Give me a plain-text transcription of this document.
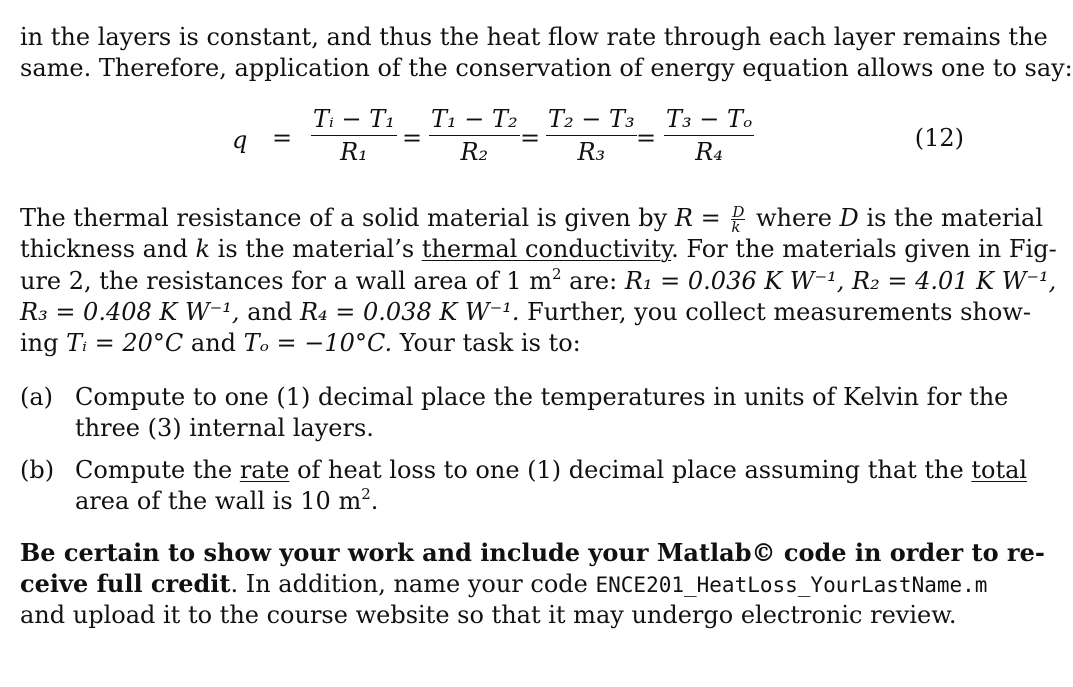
in the layers is constant, and thus the heat flow rate through each layer remains the
same. Therefore, application of the conservation of energy equation allows one to say:
$q = \frac{\text{Tᵢ − T₁}}{\text{R₁}} = \frac{\text{T₁ − T₂}}{\text{R₂}} = \frac{\text{T₂ − T₃}}{\text{R₃}} = \frac{\text{T₃ − Tₒ}}{\text{R₄}}$	(12)
The thermal resistance of a solid material is given by $R = \frac{D}{k}$ where D is the material
thickness and k is the material’s thermal conductivity. For the materials given in Fig-
ure 2, the resistances for a wall area of 1 $m^2$ are: R₁ = 0.036 K W⁻¹, R₂ = 4.01 K W⁻¹,
R₃ = 0.408 K W⁻¹, and R₄ = 0.038 K W⁻¹. Further, you collect measurements show-
ing Tᵢ = 20°C and Tₒ = −10°C. Your task is to:
(a) Compute to one (1) decimal place the temperatures in units of Kelvin for the
three (3) internal layers.
(b) Compute the rate of heat loss to one (1) decimal place assuming that the total
area of the wall is 10 $m^2$.
Be certain to show your work and include your Matlab© code in order to re-
ceive full credit. In addition, name your code ENCE201_HeatLoss_YourLastName.m
and upload it to the course website so that it may undergo electronic review.
